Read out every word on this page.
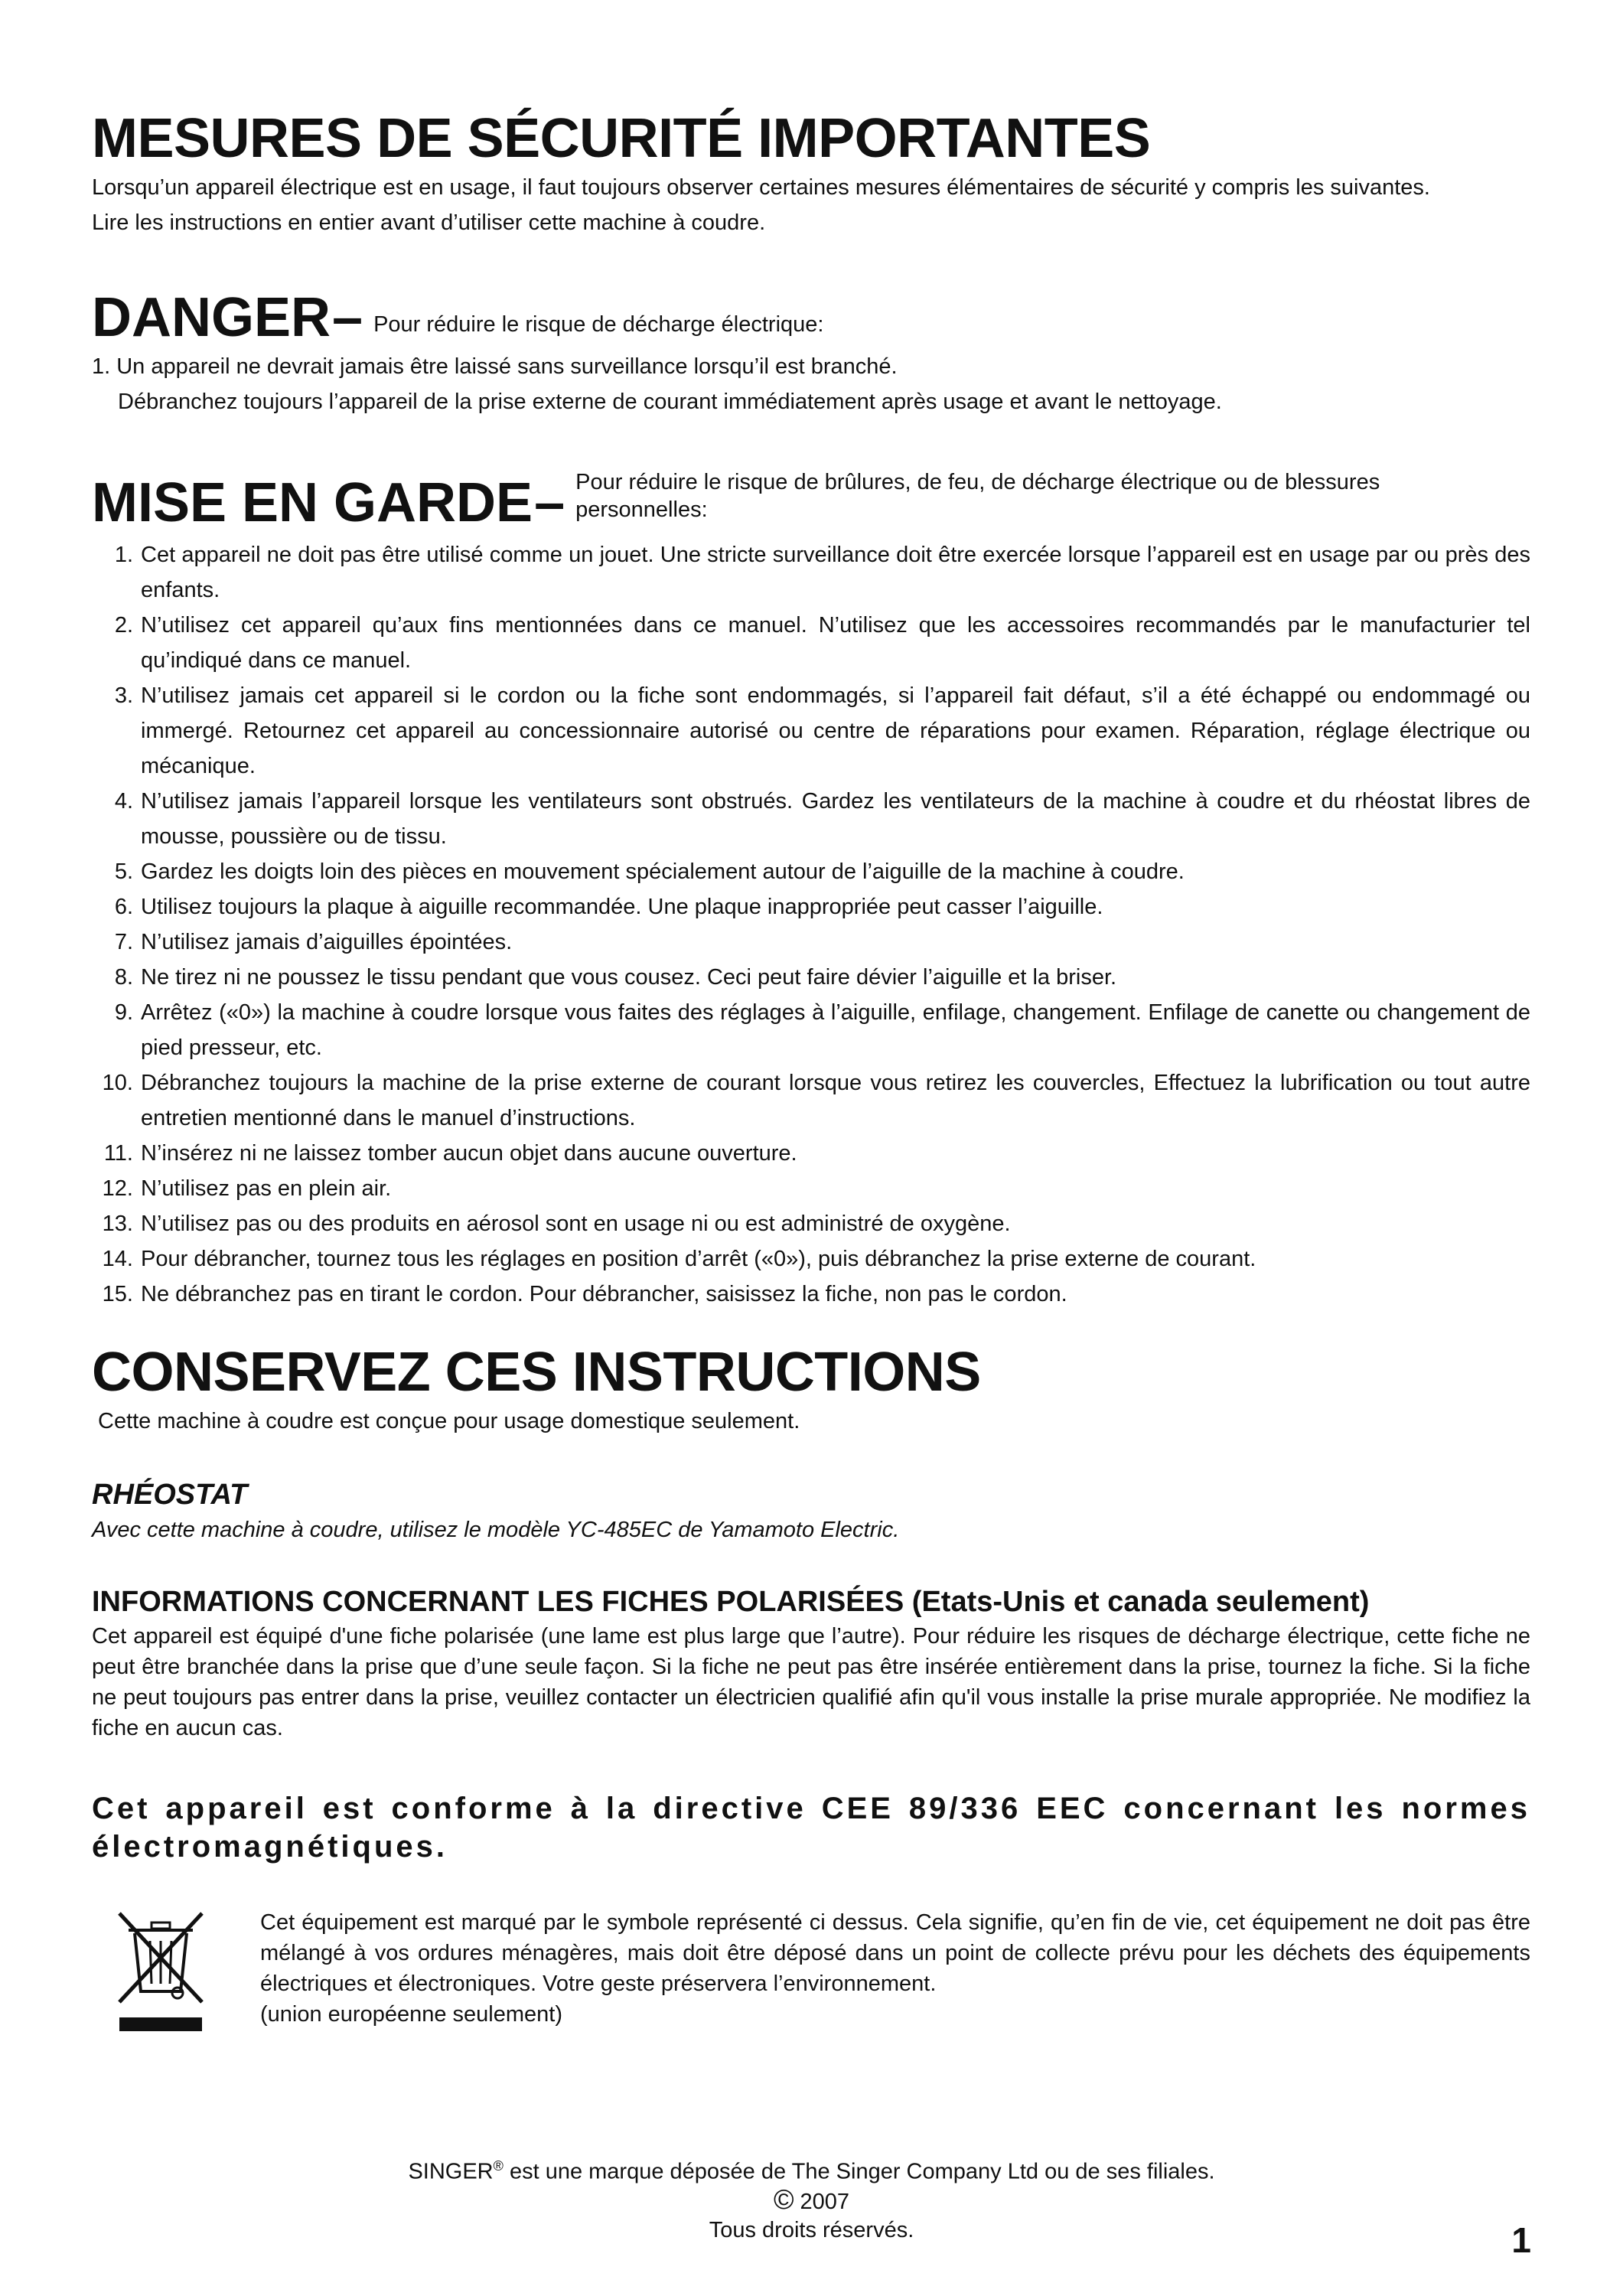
MESURES DE SÉCURITÉ IMPORTANTES

Lorsqu’un appareil électrique est en usage, il faut toujours observer certaines mesures élémentaires de sécurité y compris les suivantes.

Lire les instructions en entier avant d’utiliser cette machine à coudre.

DANGER – Pour réduire le risque de décharge électrique:

1. Un appareil ne devrait jamais être laissé sans surveillance lorsqu’il est branché.

Débranchez toujours l’appareil de la prise externe de courant immédiatement après usage et avant le nettoyage.

MISE EN GARDE – Pour réduire le risque de brûlures, de feu, de décharge électrique ou de blessures personnelles:
1. Cet appareil ne doit pas être utilisé comme un jouet. Une stricte surveillance doit être exercée lorsque l’appareil est en usage par ou près des enfants.
2. N’utilisez cet appareil qu’aux fins mentionnées dans ce manuel. N’utilisez que les accessoires recommandés par le manufacturier tel qu’indiqué dans ce manuel.
3. N’utilisez jamais cet appareil si le cordon ou la fiche sont endommagés, si l’appareil fait défaut, s’il a été échappé ou endommagé ou immergé. Retournez cet appareil au concessionnaire autorisé ou centre de réparations pour examen. Réparation, réglage électrique ou mécanique.
4. N’utilisez jamais l’appareil lorsque les ventilateurs sont obstrués. Gardez les ventilateurs de la machine à coudre et du rhéostat libres de mousse, poussière ou de tissu.
5. Gardez les doigts loin des pièces en mouvement spécialement autour de l’aiguille de la machine à coudre.
6. Utilisez toujours la plaque à aiguille recommandée. Une plaque inappropriée peut casser l’aiguille.
7. N’utilisez jamais d’aiguilles épointées.
8. Ne tirez ni ne poussez le tissu pendant que vous cousez. Ceci peut faire dévier l’aiguille et la briser.
9. Arrêtez («0») la machine à coudre lorsque vous faites des réglages à l’aiguille, enfilage, changement. Enfilage de canette ou changement de pied presseur, etc.
10. Débranchez toujours la machine de la prise externe de courant lorsque vous retirez les couvercles, Effectuez la lubrification ou tout autre entretien mentionné dans le manuel d’instructions.
11. N’insérez ni ne laissez tomber aucun objet dans aucune ouverture.
12. N’utilisez pas en plein air.
13. N’utilisez pas ou des produits en aérosol sont en usage ni ou est administré de oxygène.
14. Pour débrancher, tournez tous les réglages en position d’arrêt («0»), puis débranchez la prise externe de courant.
15. Ne débranchez pas en tirant le cordon. Pour débrancher, saisissez la fiche, non pas le cordon.
CONSERVEZ CES INSTRUCTIONS

Cette machine à coudre est conçue pour usage domestique seulement.

RHÉOSTAT

Avec cette machine à coudre, utilisez le modèle YC-485EC de Yamamoto Electric.

INFORMATIONS CONCERNANT LES FICHES POLARISÉES (Etats-Unis et canada seulement)

Cet appareil est équipé d'une fiche polarisée (une lame est plus large que l’autre). Pour réduire les risques de décharge électrique, cette fiche ne peut être branchée dans la prise que d’une seule façon. Si la fiche ne peut pas être insérée entièrement dans la prise, tournez la fiche. Si la fiche ne peut toujours pas entrer dans la prise, veuillez contacter un électricien qualifié afin qu'il vous installe la prise murale appropriée. Ne modifiez la fiche en aucun cas.

Cet appareil est conforme à la directive CEE 89/336 EEC concernant les normes électromagnétiques.

Cet équipement est marqué par le symbole représenté ci dessus. Cela signifie, qu’en fin de vie, cet équipement ne doit pas être mélangé à vos ordures ménagères, mais doit être déposé dans un point de collecte prévu pour les déchets des équipements électriques et électroniques. Votre geste préservera l’environnement.

(union européenne seulement)

SINGER® est une marque déposée de The Singer Company Ltd ou de ses filiales.
© 2007
Tous droits réservés.	1
